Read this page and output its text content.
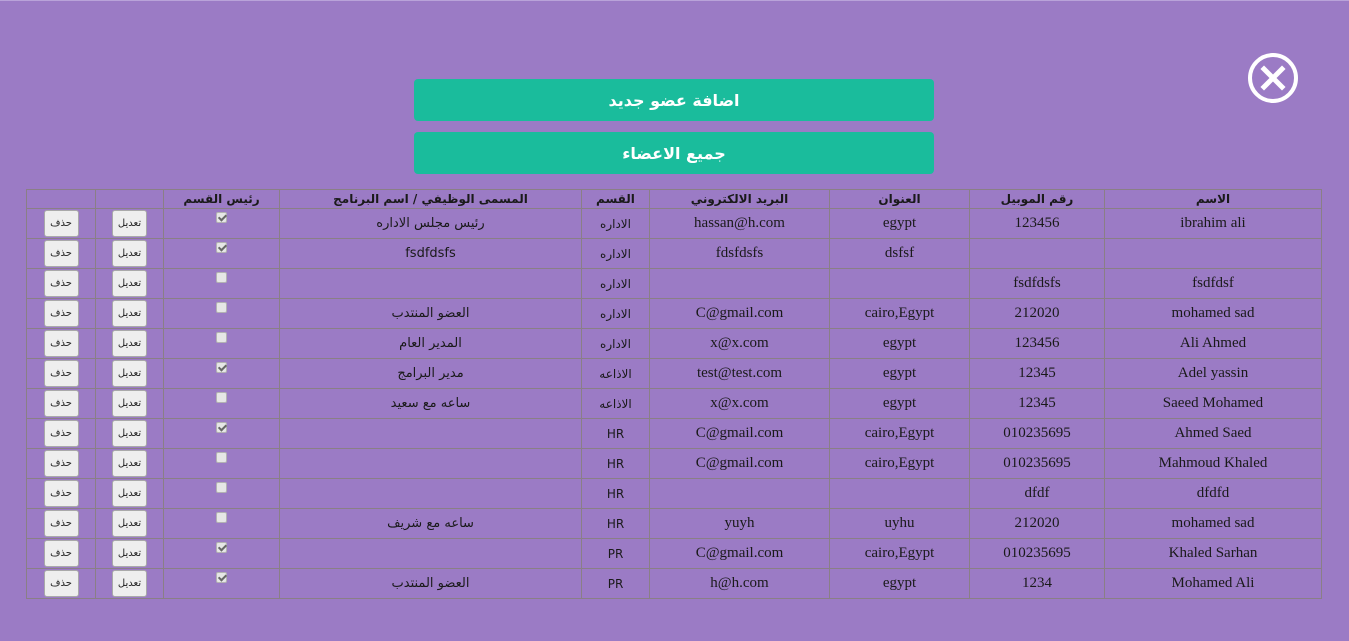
اضافة عضو جديد
جميع الاعضاء
الاسم	رقم الموبيل	العنوان	البريد الالكتروني	القسم	المسمى الوظيفي / اسم البرنامج	رئيس القسم		
ibrahim ali	123456	egypt	hassan@h.com	الاداره	رئيس مجلس الاداره		تعديل	حذف
		dsfsf	fdsfdsfs	الاداره	fsdfdsfs		تعديل	حذف
fsdfdsf	fsdfdsfs			الاداره			تعديل	حذف
mohamed sad	212020	cairo,Egypt	C@gmail.com	الاداره	العضو المنتدب		تعديل	حذف
Ali Ahmed	123456	egypt	x@x.com	الاداره	المدير العام		تعديل	حذف
Adel yassin	12345	egypt	test@test.com	الاذاعه	مدير البرامج		تعديل	حذف
Saeed Mohamed	12345	egypt	x@x.com	الاذاعه	ساعه مع سعيد		تعديل	حذف
Ahmed Saed	010235695	cairo,Egypt	C@gmail.com	HR			تعديل	حذف
Mahmoud Khaled	010235695	cairo,Egypt	C@gmail.com	HR			تعديل	حذف
dfdfd	dfdf			HR			تعديل	حذف
mohamed sad	212020	uyhu	yuyh	HR	ساعه مع شريف		تعديل	حذف
Khaled Sarhan	010235695	cairo,Egypt	C@gmail.com	PR			تعديل	حذف
Mohamed Ali	1234	egypt	h@h.com	PR	العضو المنتدب		تعديل	حذف
